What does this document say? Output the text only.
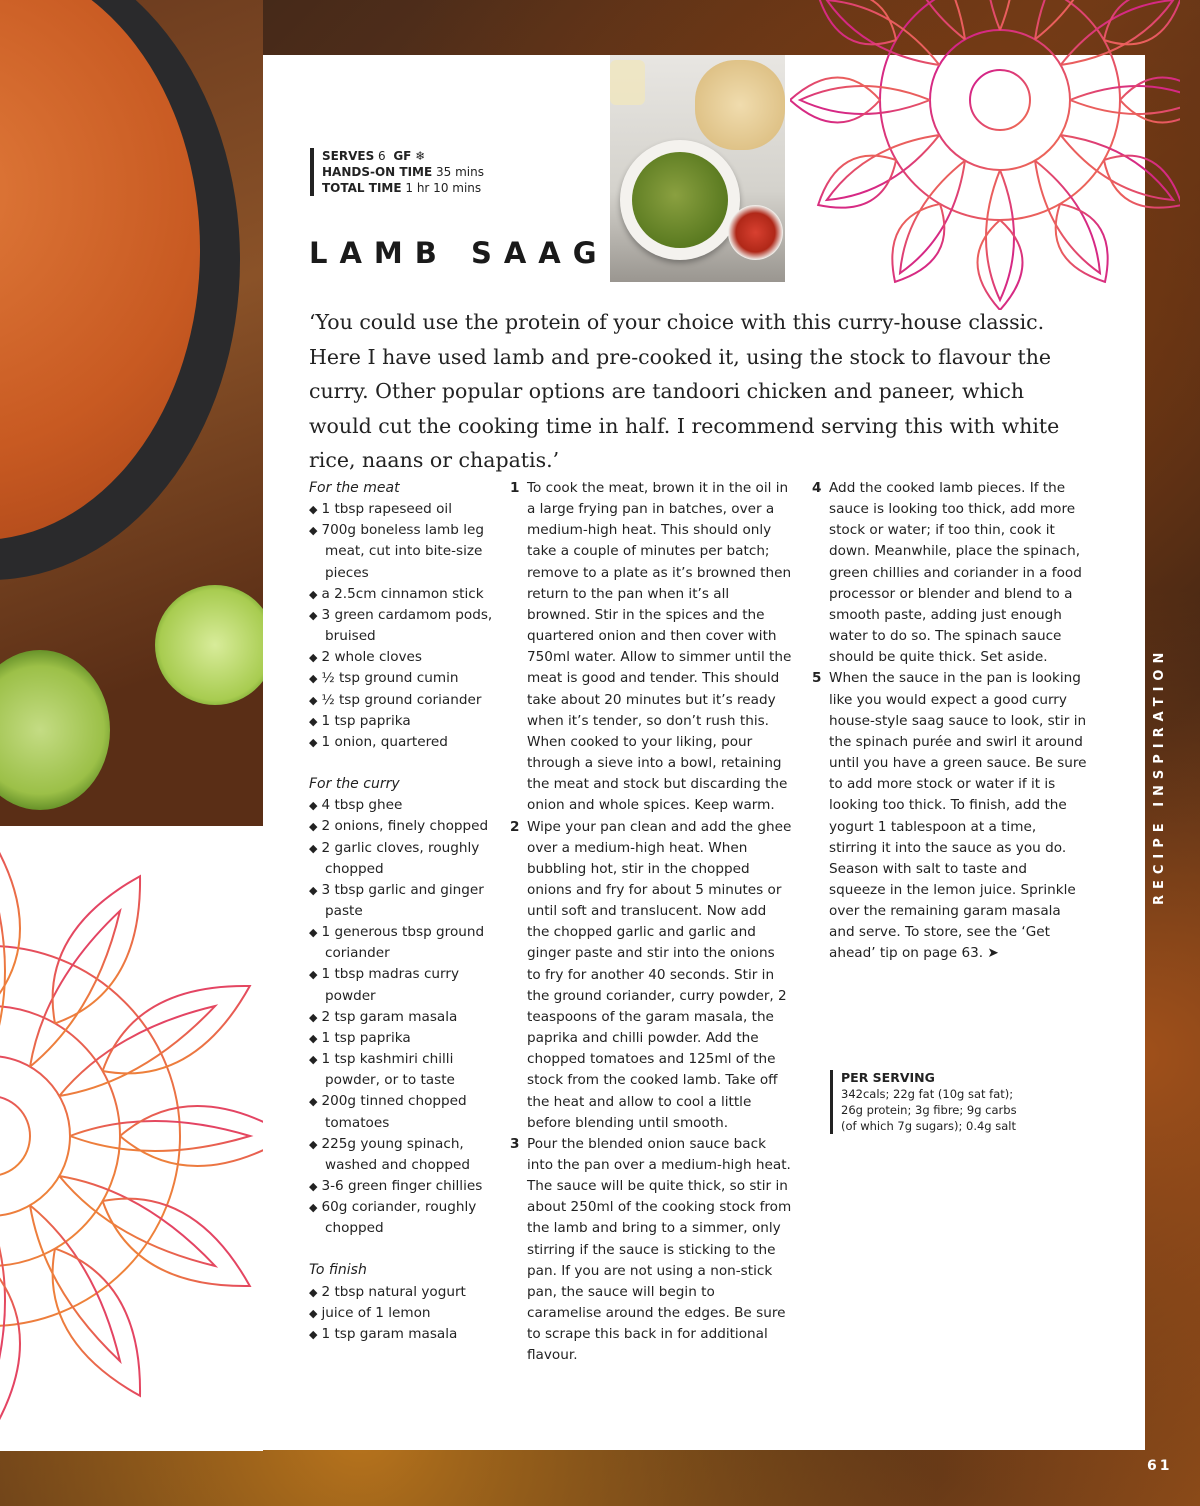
SERVES 6 GF ❄
HANDS-ON TIME 35 mins
TOTAL TIME 1 hr 10 mins
LAMB SAAG

‘You could use the protein of your choice with this curry-house classic. Here I have used lamb and pre-cooked it, using the stock to flavour the curry. Other popular options are tandoori chicken and paneer, which would cut the cooking time in half. I recommend serving this with white rice, naans or chapatis.’

For the meat
◆ 1 tbsp rapeseed oil
◆ 700g boneless lamb leg meat, cut into bite-size pieces
◆ a 2.5cm cinnamon stick
◆ 3 green cardamom pods, bruised
◆ 2 whole cloves
◆ ½ tsp ground cumin
◆ ½ tsp ground coriander
◆ 1 tsp paprika
◆ 1 onion, quartered
For the curry
◆ 4 tbsp ghee
◆ 2 onions, finely chopped
◆ 2 garlic cloves, roughly chopped
◆ 3 tbsp garlic and ginger paste
◆ 1 generous tbsp ground coriander
◆ 1 tbsp madras curry powder
◆ 2 tsp garam masala
◆ 1 tsp paprika
◆ 1 tsp kashmiri chilli powder, or to taste
◆ 200g tinned chopped tomatoes
◆ 225g young spinach, washed and chopped
◆ 3-6 green finger chillies
◆ 60g coriander, roughly chopped
To finish
◆ 2 tbsp natural yogurt
◆ juice of 1 lemon
◆ 1 tsp garam masala
1 To cook the meat, brown it in the oil in a large frying pan in batches, over a medium-high heat. This should only take a couple of minutes per batch; remove to a plate as it’s browned then return to the pan when it’s all browned. Stir in the spices and the quartered onion and then cover with 750ml water. Allow to simmer until the meat is good and tender. This should take about 20 minutes but it’s ready when it’s tender, so don’t rush this. When cooked to your liking, pour through a sieve into a bowl, retaining the meat and stock but discarding the onion and whole spices. Keep warm.
2 Wipe your pan clean and add the ghee over a medium-high heat. When bubbling hot, stir in the chopped onions and fry for about 5 minutes or until soft and translucent. Now add the chopped garlic and garlic and ginger paste and stir into the onions to fry for another 40 seconds. Stir in the ground coriander, curry powder, 2 teaspoons of the garam masala, the paprika and chilli powder. Add the chopped tomatoes and 125ml of the stock from the cooked lamb. Take off the heat and allow to cool a little before blending until smooth.
3 Pour the blended onion sauce back into the pan over a medium-high heat. The sauce will be quite thick, so stir in about 250ml of the cooking stock from the lamb and bring to a simmer, only stirring if the sauce is sticking to the pan. If you are not using a non-stick pan, the sauce will begin to caramelise around the edges. Be sure to scrape this back in for additional flavour.
4 Add the cooked lamb pieces. If the sauce is looking too thick, add more stock or water; if too thin, cook it down. Meanwhile, place the spinach, green chillies and coriander in a food processor or blender and blend to a smooth paste, adding just enough water to do so. The spinach sauce should be quite thick. Set aside.
5 When the sauce in the pan is looking like you would expect a good curry house-style saag sauce to look, stir in the spinach purée and swirl it around until you have a green sauce. Be sure to add more stock or water if it is looking too thick. To finish, add the yogurt 1 tablespoon at a time, stirring it into the sauce as you do. Season with salt to taste and squeeze in the lemon juice. Sprinkle over the remaining garam masala and serve. To store, see the ‘Get ahead’ tip on page 63. ➤
PER SERVING
342cals; 22g fat (10g sat fat);
26g protein; 3g fibre; 9g carbs
(of which 7g sugars); 0.4g salt
RECIPE INSPIRATION
61
